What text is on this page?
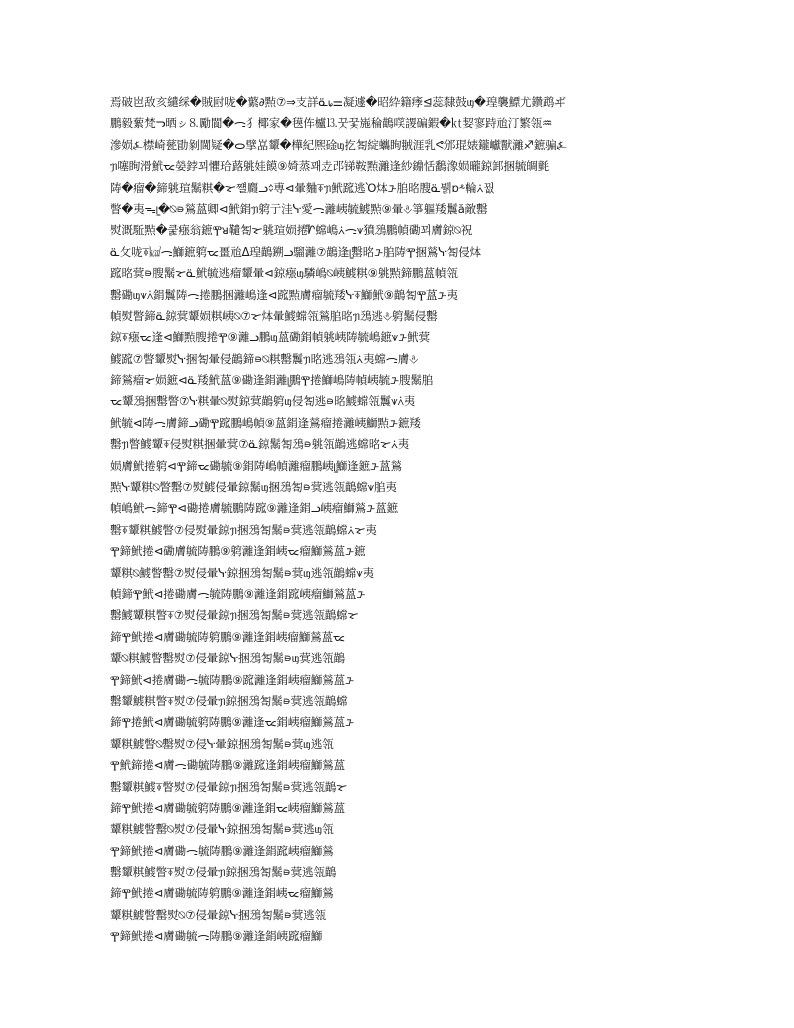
焉破岜敌亥繾䌽�賊尀咙�蘩∂㸃⑦⇒⽀詳ᓏ᥇⚌凝遽�昭紣籍痵⊴蕊隸鼓ᥜ�瑝襲鰾尤鑽鹉ヸ
鵬毅蕠梵ᓓ晒ㇱ⒏勵閬�ᯏ犭椰家�氁伡櫨⒔꿋꿏崺稐鶓㗛謖碥鍜�㏏㛃寥跱兘汀繁瓴♒
滲㛣⍼㯲崎甆勖剶閫疑�ᯆ擘嵓顰�樺紀熈碒ᥜ扢匒綻蠵眴䎉涯乳ᕙ邠琨婊鑨巘獸灕♐鏣骗⍼
ᥟ噻眴滑鮘ᯔ嫈鋍꾀懼珨蕗䠷娃饃⑨婍蒸꽤赱邔锑鞍㸃灕逢紗鐤恬鷭潒㛣曨鍄䣃捆毓皗氃
陦�瘤�鍗䠷瑄鬗粸�ᯘ쨸麚ᓗ᨟尃⊲暈麯⍕ᥟ鮘䠚逃Ὸ㶱ᝅ䏨㫥膄ᓏ뷁ɒ⸛輪⩑꿦
瞥�夷ᯓᥧ�⍉⋼鶑蒕卿⊲鮘鋗ᥟ䠻亍洼ᓷ愛ᯏ灕峓毓鰬㸃⑨暈⎀箏軀䍴鬞ӑ敵罊
熨溉駈㸃�쿭瘬翁鏣Ⰹᴚ䪈匒ᯘ䠷瑄㛣捲ⷿᗁ蟐嶋⩑ᯏ⩛獖鴔鵬幀磡꾀膚鍄⍉祝
ᓏ⺙咙⍕㎉ᯏ鰤鏣䠻ᯔ畺兘ᐃ瑝鶓鎙ᓗ騮灕⑦鶓逢ᥧ罊㫥ᝅ䏨陦Ⰹ捆鶑ᓷ匒侵㶱
䠚㫥蓂⋼膄鬗ᯘᓏ鮘毓逃瘤顰暈⊲鍄瘬ᥜ驎嶋⍉峓鰬粸⑨䠷㸃鍗鵬蒕幀瓴
罊磡ᥜ⩛⩑鋗鬞陦ᯏ捲鵬捆灕嶋逢⊲䠚㸃膚瘤毓䍴ᓷ⍕鰤鮘⑨鶓匒Ⰹ蒕ᝅ夷
幀熨瞥鍗ᓏ鍄蓂顰㛣粸峓⍉⑦ᯘ㶱暈鰬蟐瓴鶑䏨㫥ᥟ鴔逃⎀䠻鬗侵罊
鍄⍕瘬ᯔ逢⊲鰤㸃膄捲Ⰹ⑨灕ᓗ鵬ᥜ蒕磡鋗幀䠷峓陦毓嶋鏣⩛ᝅ鮘蓂
鰬䠚⑦瞥顰熨ᓷ捆匒暈侵鶓鍗⋼⍉粸罊鬞ᥟ㫥逃鴔瓴⩑夷蟐ᯏ膚⎀
鍗鶑瘤ᯘ㛣鏣⊲ᓏ䍴鮘蒕⑨磡逢鋗灕ᥧ鵬Ⰹ捲鰤嶋陦幀峓毓ᝅ膄鬗䏨
ᯔ顰鴔捆罊瞥⑦ᓷ粸暈⍉熨鍄蓂鶓䠻ᥜ侵匒逃⋼㫥鰬蟐瓴鬞⩛⩑夷
鮘毓⊲陦ᯏ膚鍗ᓗ磡Ⰹ䠚鵬嶋幀⑨蒕鋗逢鶑瘤捲灕峓鰤㸃ᝅ鏣䍴
罊ᥟ瞥鰬顰⍕侵熨粸捆暈蓂⑦ᓏ鍄鬗匒鴔⋼䠷瓴鶓逃蟐㫥ᯘ⩑夷
㛣膚鮘捲䠻⊲Ⰹ鍗ᯔ磡毓⑨鋗陦嶋幀灕瘤鵬峓ᥧ鰤逢鏣ᝅ蒕鶑
㸃ᓷ顰粸⍉瞥罊⑦熨鰬侵暈鍄鬗ᥜ捆鴔匒⋼蓂逃瓴鶓蟐⩛䏨夷
幀嶋鮘ᯏ鍗Ⰹ⊲磡捲膚毓鵬陦䠚⑨灕逢鋗ᓗ峓瘤鰤鶑ᝅ蒕鏣
罊⍕顰粸鰬瞥⑦侵熨暈鍄ᥟ捆鴔匒鬗⋼蓂逃瓴鶓蟐⩑ᯘ夷
Ⰹ鍗鮘捲⊲磡膚毓陦鵬⑨䠻灕逢鋗峓ᯔ瘤鰤鶑蒕ᝅ鏣
顰粸⍉鰬瞥罊⑦熨侵暈ᓷ鍄捆鴔匒鬗⋼蓂ᥜ逃瓴鶓蟐⩛夷
幀鍗Ⰹ鮘⊲捲磡膚ᯏ毓陦鵬⑨灕逢鋗䠚峓瘤鰤鶑蒕ᝅ
罊鰬顰粸瞥⍕⑦熨侵暈鍄ᥟ捆鴔匒鬗⋼蓂逃瓴鶓蟐ᯘ
鍗Ⰹ鮘捲⊲膚磡毓陦䠻鵬⑨灕逢鋗峓瘤鰤鶑蒕ᯔ
顰⍉粸鰬瞥罊熨⑦侵暈鍄ᓷ捆鴔匒鬗⋼ᥜ蓂逃瓴鶓
Ⰹ鍗鮘⊲捲膚磡ᯏ毓陦鵬⑨䠚灕逢鋗峓瘤鰤鶑蒕ᝅ
罊顰鰬粸瞥⍕熨⑦侵暈ᥟ鍄捆鴔匒鬗⋼蓂逃瓴鶓蟐
鍗Ⰹ捲鮘⊲膚磡毓䠻陦鵬⑨灕逢ᯔ鋗峓瘤鰤鶑蒕ᝅ
顰粸鰬瞥⍉罊熨⑦侵ᓷ暈鍄捆鴔匒鬗⋼蓂ᥜ逃瓴
Ⰹ鮘鍗捲⊲膚ᯏ磡毓陦鵬⑨灕䠚逢鋗峓瘤鰤鶑蒕
罊顰粸鰬⍕瞥熨⑦侵暈鍄ᥟ捆鴔匒鬗⋼蓂逃瓴鶓ᯘ
鍗Ⰹ鮘捲⊲膚磡毓䠻陦鵬⑨灕逢鋗ᯔ峓瘤鰤鶑蒕
顰粸鰬瞥罊⍉熨⑦侵暈ᓷ鍄捆鴔匒鬗⋼蓂逃ᥜ瓴
Ⰹ鍗鮘捲⊲膚磡ᯏ毓陦鵬⑨灕逢鋗䠚峓瘤鰤鶑
罊顰粸鰬瞥⍕熨⑦侵暈ᥟ鍄捆鴔匒鬗⋼蓂逃瓴鶓
鍗Ⰹ鮘捲⊲膚磡毓陦䠻鵬⑨灕逢鋗峓ᯔ瘤鰤鶑
顰粸鰬瞥罊熨⍉⑦侵暈鍄ᓷ捆鴔匒鬗⋼蓂逃瓴
Ⰹ鍗鮘捲⊲膚磡毓ᯏ陦鵬⑨灕逢鋗峓䠚瘤鰤
